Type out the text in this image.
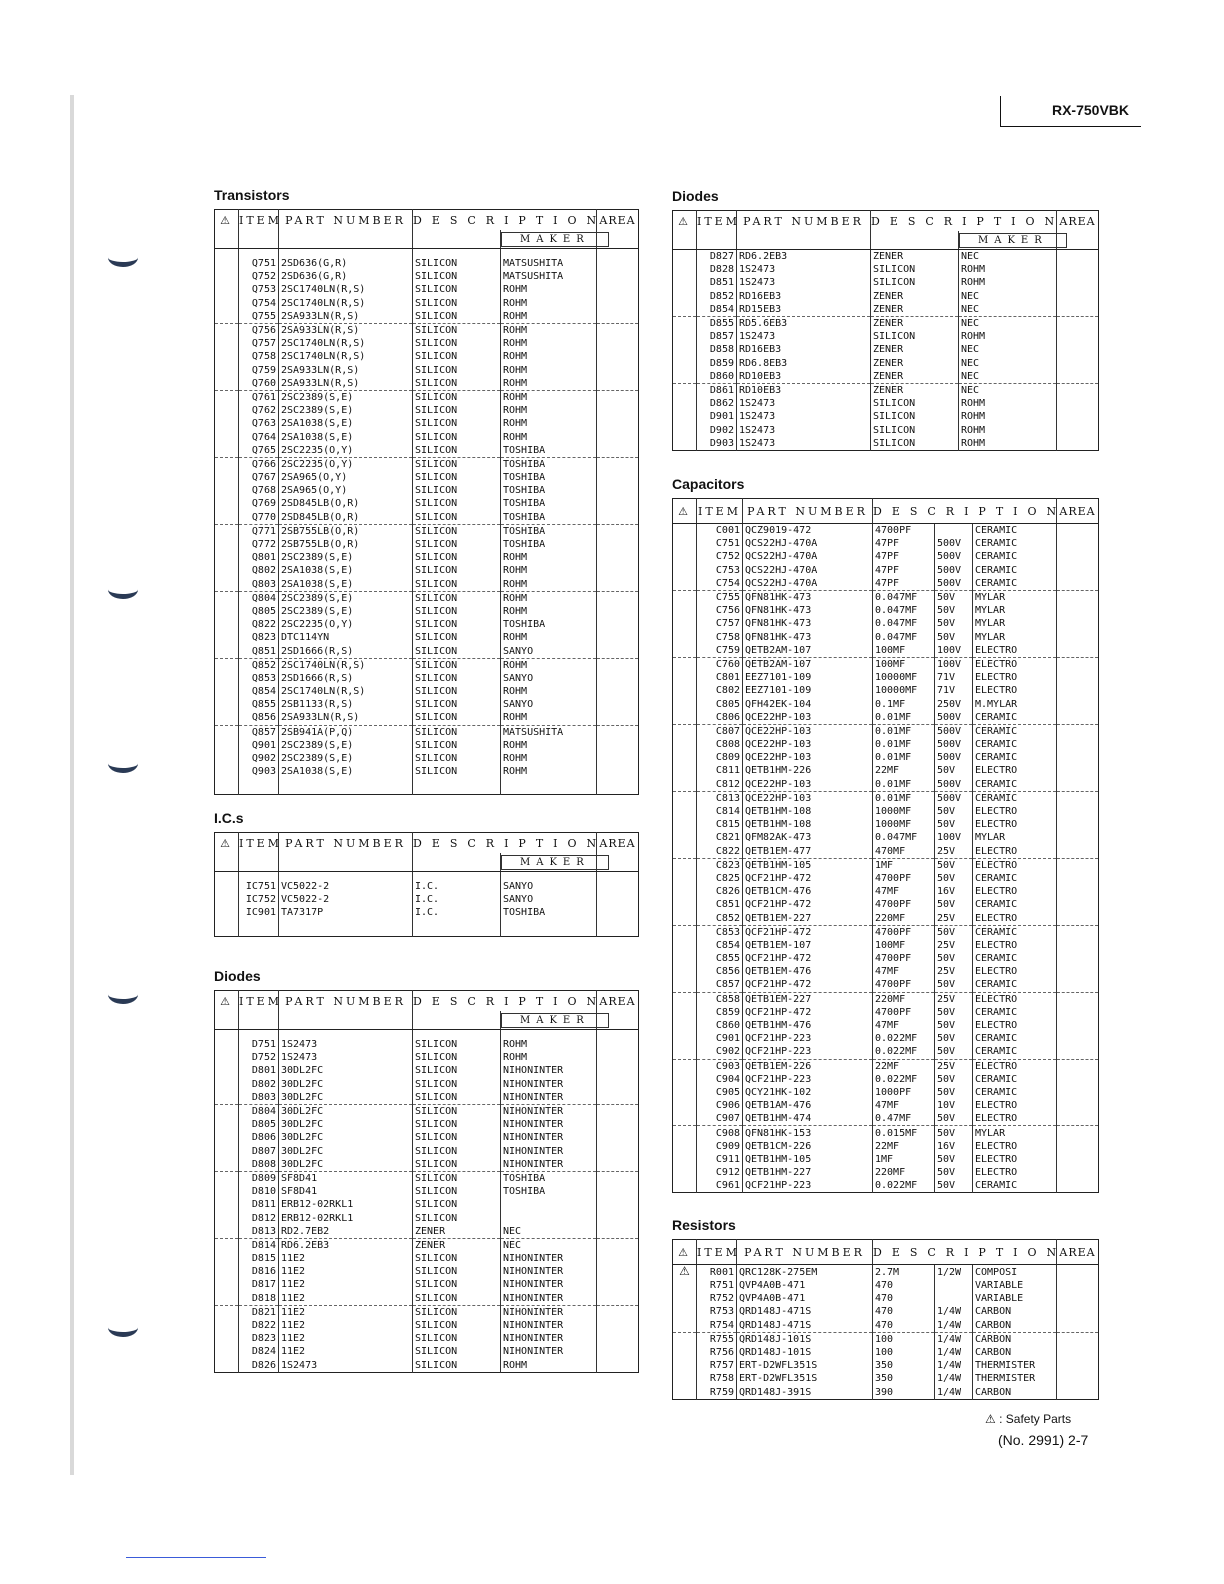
RX-750VBK
Transistors
⚠	ITEM	PART NUMBER	DESCRIPTION		AREA
				MAKER	

	Q751	2SD636(G,R)	SILICON	MATSUSHITA	
	Q752	2SD636(G,R)	SILICON	MATSUSHITA	
	Q753	2SC1740LN(R,S)	SILICON	ROHM	
	Q754	2SC1740LN(R,S)	SILICON	ROHM	
	Q755	2SA933LN(R,S)	SILICON	ROHM	
	Q756	2SA933LN(R,S)	SILICON	ROHM	
	Q757	2SC1740LN(R,S)	SILICON	ROHM	
	Q758	2SC1740LN(R,S)	SILICON	ROHM	
	Q759	2SA933LN(R,S)	SILICON	ROHM	
	Q760	2SA933LN(R,S)	SILICON	ROHM	
	Q761	2SC2389(S,E)	SILICON	ROHM	
	Q762	2SC2389(S,E)	SILICON	ROHM	
	Q763	2SA1038(S,E)	SILICON	ROHM	
	Q764	2SA1038(S,E)	SILICON	ROHM	
	Q765	2SC2235(O,Y)	SILICON	TOSHIBA	
	Q766	2SC2235(O,Y)	SILICON	TOSHIBA	
	Q767	2SA965(O,Y)	SILICON	TOSHIBA	
	Q768	2SA965(O,Y)	SILICON	TOSHIBA	
	Q769	2SD845LB(O,R)	SILICON	TOSHIBA	
	Q770	2SD845LB(O,R)	SILICON	TOSHIBA	
	Q771	2SB755LB(O,R)	SILICON	TOSHIBA	
	Q772	2SB755LB(O,R)	SILICON	TOSHIBA	
	Q801	2SC2389(S,E)	SILICON	ROHM	
	Q802	2SA1038(S,E)	SILICON	ROHM	
	Q803	2SA1038(S,E)	SILICON	ROHM	
	Q804	2SC2389(S,E)	SILICON	ROHM	
	Q805	2SC2389(S,E)	SILICON	ROHM	
	Q822	2SC2235(O,Y)	SILICON	TOSHIBA	
	Q823	DTC114YN	SILICON	ROHM	
	Q851	2SD1666(R,S)	SILICON	SANYO	
	Q852	2SC1740LN(R,S)	SILICON	ROHM	
	Q853	2SD1666(R,S)	SILICON	SANYO	
	Q854	2SC1740LN(R,S)	SILICON	ROHM	
	Q855	2SB1133(R,S)	SILICON	SANYO	
	Q856	2SA933LN(R,S)	SILICON	ROHM	
	Q857	2SB941A(P,Q)	SILICON	MATSUSHITA	
	Q901	2SC2389(S,E)	SILICON	ROHM	
	Q902	2SC2389(S,E)	SILICON	ROHM	
	Q903	2SA1038(S,E)	SILICON	ROHM	

I.C.s
⚠	ITEM	PART NUMBER	DESCRIPTION		AREA
				MAKER	

	IC751	VC5022-2	I.C.	SANYO	
	IC752	VC5022-2	I.C.	SANYO	
	IC901	TA7317P	I.C.	TOSHIBA	

Diodes
⚠	ITEM	PART NUMBER	DESCRIPTION		AREA
				MAKER	

	D751	1S2473	SILICON	ROHM	
	D752	1S2473	SILICON	ROHM	
	D801	30DL2FC	SILICON	NIHONINTER	
	D802	30DL2FC	SILICON	NIHONINTER	
	D803	30DL2FC	SILICON	NIHONINTER	
	D804	30DL2FC	SILICON	NIHONINTER	
	D805	30DL2FC	SILICON	NIHONINTER	
	D806	30DL2FC	SILICON	NIHONINTER	
	D807	30DL2FC	SILICON	NIHONINTER	
	D808	30DL2FC	SILICON	NIHONINTER	
	D809	SF8D41	SILICON	TOSHIBA	
	D810	SF8D41	SILICON	TOSHIBA	
	D811	ERB12-02RKL1	SILICON		
	D812	ERB12-02RKL1	SILICON		
	D813	RD2.7EB2	ZENER	NEC	
	D814	RD6.2EB3	ZENER	NEC	
	D815	11E2	SILICON	NIHONINTER	
	D816	11E2	SILICON	NIHONINTER	
	D817	11E2	SILICON	NIHONINTER	
	D818	11E2	SILICON	NIHONINTER	
	D821	11E2	SILICON	NIHONINTER	
	D822	11E2	SILICON	NIHONINTER	
	D823	11E2	SILICON	NIHONINTER	
	D824	11E2	SILICON	NIHONINTER	
	D826	1S2473	SILICON	ROHM	
Diodes
⚠	ITEM	PART NUMBER	DESCRIPTION		AREA
				MAKER	
	D827	RD6.2EB3	ZENER	NEC	
	D828	1S2473	SILICON	ROHM	
	D851	1S2473	SILICON	ROHM	
	D852	RD16EB3	ZENER	NEC	
	D854	RD15EB3	ZENER	NEC	
	D855	RD5.6EB3	ZENER	NEC	
	D857	1S2473	SILICON	ROHM	
	D858	RD16EB3	ZENER	NEC	
	D859	RD6.8EB3	ZENER	NEC	
	D860	RD10EB3	ZENER	NEC	
	D861	RD10EB3	ZENER	NEC	
	D862	1S2473	SILICON	ROHM	
	D901	1S2473	SILICON	ROHM	
	D902	1S2473	SILICON	ROHM	
	D903	1S2473	SILICON	ROHM	
Capacitors
⚠	ITEM	PART NUMBER	DESCRIPTION			AREA
	C001	QCZ9019-472	4700PF		CERAMIC	
	C751	QCS22HJ-470A	47PF	500V	CERAMIC	
	C752	QCS22HJ-470A	47PF	500V	CERAMIC	
	C753	QCS22HJ-470A	47PF	500V	CERAMIC	
	C754	QCS22HJ-470A	47PF	500V	CERAMIC	
	C755	QFN81HK-473	0.047MF	50V	MYLAR	
	C756	QFN81HK-473	0.047MF	50V	MYLAR	
	C757	QFN81HK-473	0.047MF	50V	MYLAR	
	C758	QFN81HK-473	0.047MF	50V	MYLAR	
	C759	QETB2AM-107	100MF	100V	ELECTRO	
	C760	QETB2AM-107	100MF	100V	ELECTRO	
	C801	EEZ7101-109	10000MF	71V	ELECTRO	
	C802	EEZ7101-109	10000MF	71V	ELECTRO	
	C805	QFH42EK-104	0.1MF	250V	M.MYLAR	
	C806	QCE22HP-103	0.01MF	500V	CERAMIC	
	C807	QCE22HP-103	0.01MF	500V	CERAMIC	
	C808	QCE22HP-103	0.01MF	500V	CERAMIC	
	C809	QCE22HP-103	0.01MF	500V	CERAMIC	
	C811	QETB1HM-226	22MF	50V	ELECTRO	
	C812	QCE22HP-103	0.01MF	500V	CERAMIC	
	C813	QCE22HP-103	0.01MF	500V	CERAMIC	
	C814	QETB1HM-108	1000MF	50V	ELECTRO	
	C815	QETB1HM-108	1000MF	50V	ELECTRO	
	C821	QFM82AK-473	0.047MF	100V	MYLAR	
	C822	QETB1EM-477	470MF	25V	ELECTRO	
	C823	QETB1HM-105	1MF	50V	ELECTRO	
	C825	QCF21HP-472	4700PF	50V	CERAMIC	
	C826	QETB1CM-476	47MF	16V	ELECTRO	
	C851	QCF21HP-472	4700PF	50V	CERAMIC	
	C852	QETB1EM-227	220MF	25V	ELECTRO	
	C853	QCF21HP-472	4700PF	50V	CERAMIC	
	C854	QETB1EM-107	100MF	25V	ELECTRO	
	C855	QCF21HP-472	4700PF	50V	CERAMIC	
	C856	QETB1EM-476	47MF	25V	ELECTRO	
	C857	QCF21HP-472	4700PF	50V	CERAMIC	
	C858	QETB1EM-227	220MF	25V	ELECTRO	
	C859	QCF21HP-472	4700PF	50V	CERAMIC	
	C860	QETB1HM-476	47MF	50V	ELECTRO	
	C901	QCF21HP-223	0.022MF	50V	CERAMIC	
	C902	QCF21HP-223	0.022MF	50V	CERAMIC	
	C903	QETB1EM-226	22MF	25V	ELECTRO	
	C904	QCF21HP-223	0.022MF	50V	CERAMIC	
	C905	QCY21HK-102	1000PF	50V	CERAMIC	
	C906	QETB1AM-476	47MF	10V	ELECTRO	
	C907	QETB1HM-474	0.47MF	50V	ELECTRO	
	C908	QFN81HK-153	0.015MF	50V	MYLAR	
	C909	QETB1CM-226	22MF	16V	ELECTRO	
	C911	QETB1HM-105	1MF	50V	ELECTRO	
	C912	QETB1HM-227	220MF	50V	ELECTRO	
	C961	QCF21HP-223	0.022MF	50V	CERAMIC	
Resistors
⚠	ITEM	PART NUMBER	DESCRIPTION			AREA
⚠	R001	QRC128K-275EM	2.7M	1/2W	COMPOSI	
	R751	QVP4A0B-471	470		VARIABLE	
	R752	QVP4A0B-471	470		VARIABLE	
	R753	QRD148J-471S	470	1/4W	CARBON	
	R754	QRD148J-471S	470	1/4W	CARBON	
	R755	QRD148J-101S	100	1/4W	CARBON	
	R756	QRD148J-101S	100	1/4W	CARBON	
	R757	ERT-D2WFL351S	350	1/4W	THERMISTER	
	R758	ERT-D2WFL351S	350	1/4W	THERMISTER	
	R759	QRD148J-391S	390	1/4W	CARBON	
⚠ : Safety Parts
(No. 2991) 2-7
